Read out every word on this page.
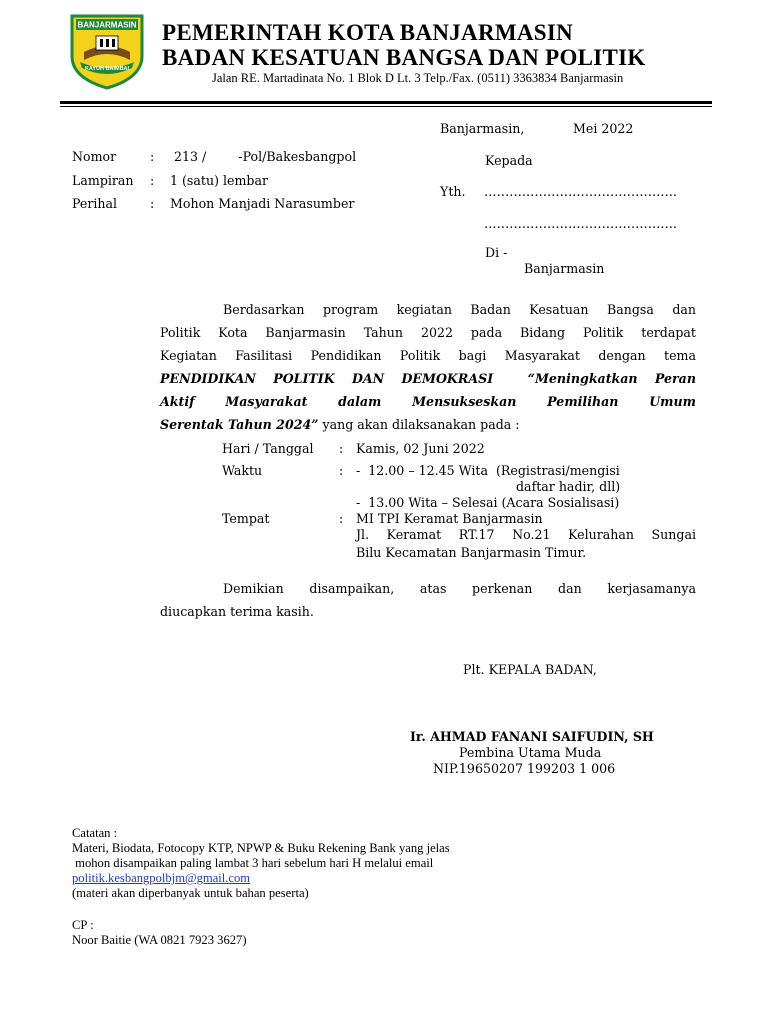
BANJARMASIN
KAYUH BAIMBAI
PEMERINTAH KOTA BANJARMASIN
BADAN KESATUAN BANGSA DAN POLITIK
Jalan RE. Martadinata No. 1 Blok D Lt. 3 Telp./Fax. (0511) 3363834 Banjarmasin
Banjarmasin,	Mei 2022
Nomor	: 213 /        -Pol/Bakesbangpol
Lampiran : 1 (satu) lembar
Perihal	: Mohon Manjadi Narasumber
Kepada
Yth. ……………………………………….
……………………………………….
Di -
Banjarmasin
Berdasarkan program kegiatan Badan Kesatuan Bangsa dan
Politik Kota Banjarmasin Tahun 2022 pada Bidang Politik terdapat
Kegiatan Fasilitasi Pendidikan Politik bagi Masyarakat dengan tema
PENDIDIKAN POLITIK DAN DEMOKRASI  “Meningkatkan Peran
Aktif Masyarakat dalam Mensukseskan Pemilihan Umum
Serentak Tahun 2024” yang akan dilaksanakan pada :
Hari / Tanggal : Kamis, 02 Juni 2022
Waktu	: -  12.00 – 12.45 Wita  (Registrasi/mengisi
daftar hadir, dll)
-  13.00 Wita – Selesai (Acara Sosialisasi)
Tempat	: MI TPI Keramat Banjarmasin
Jl. Keramat RT.17 No.21 Kelurahan Sungai
Bilu Kecamatan Banjarmasin Timur.
Demikian disampaikan, atas perkenan dan kerjasamanya
diucapkan terima kasih.
Plt. KEPALA BADAN,
Ir. AHMAD FANANI SAIFUDIN, SH
Pembina Utama Muda
NIP.19650207 199203 1 006
Catatan :
Materi, Biodata, Fotocopy KTP, NPWP & Buku Rekening Bank yang jelas
mohon disampaikan paling lambat 3 hari sebelum hari H melalui email
politik.kesbangpolbjm@gmail.com
(materi akan diperbanyak untuk bahan peserta)
CP :
Noor Baitie (WA 0821 7923 3627)
